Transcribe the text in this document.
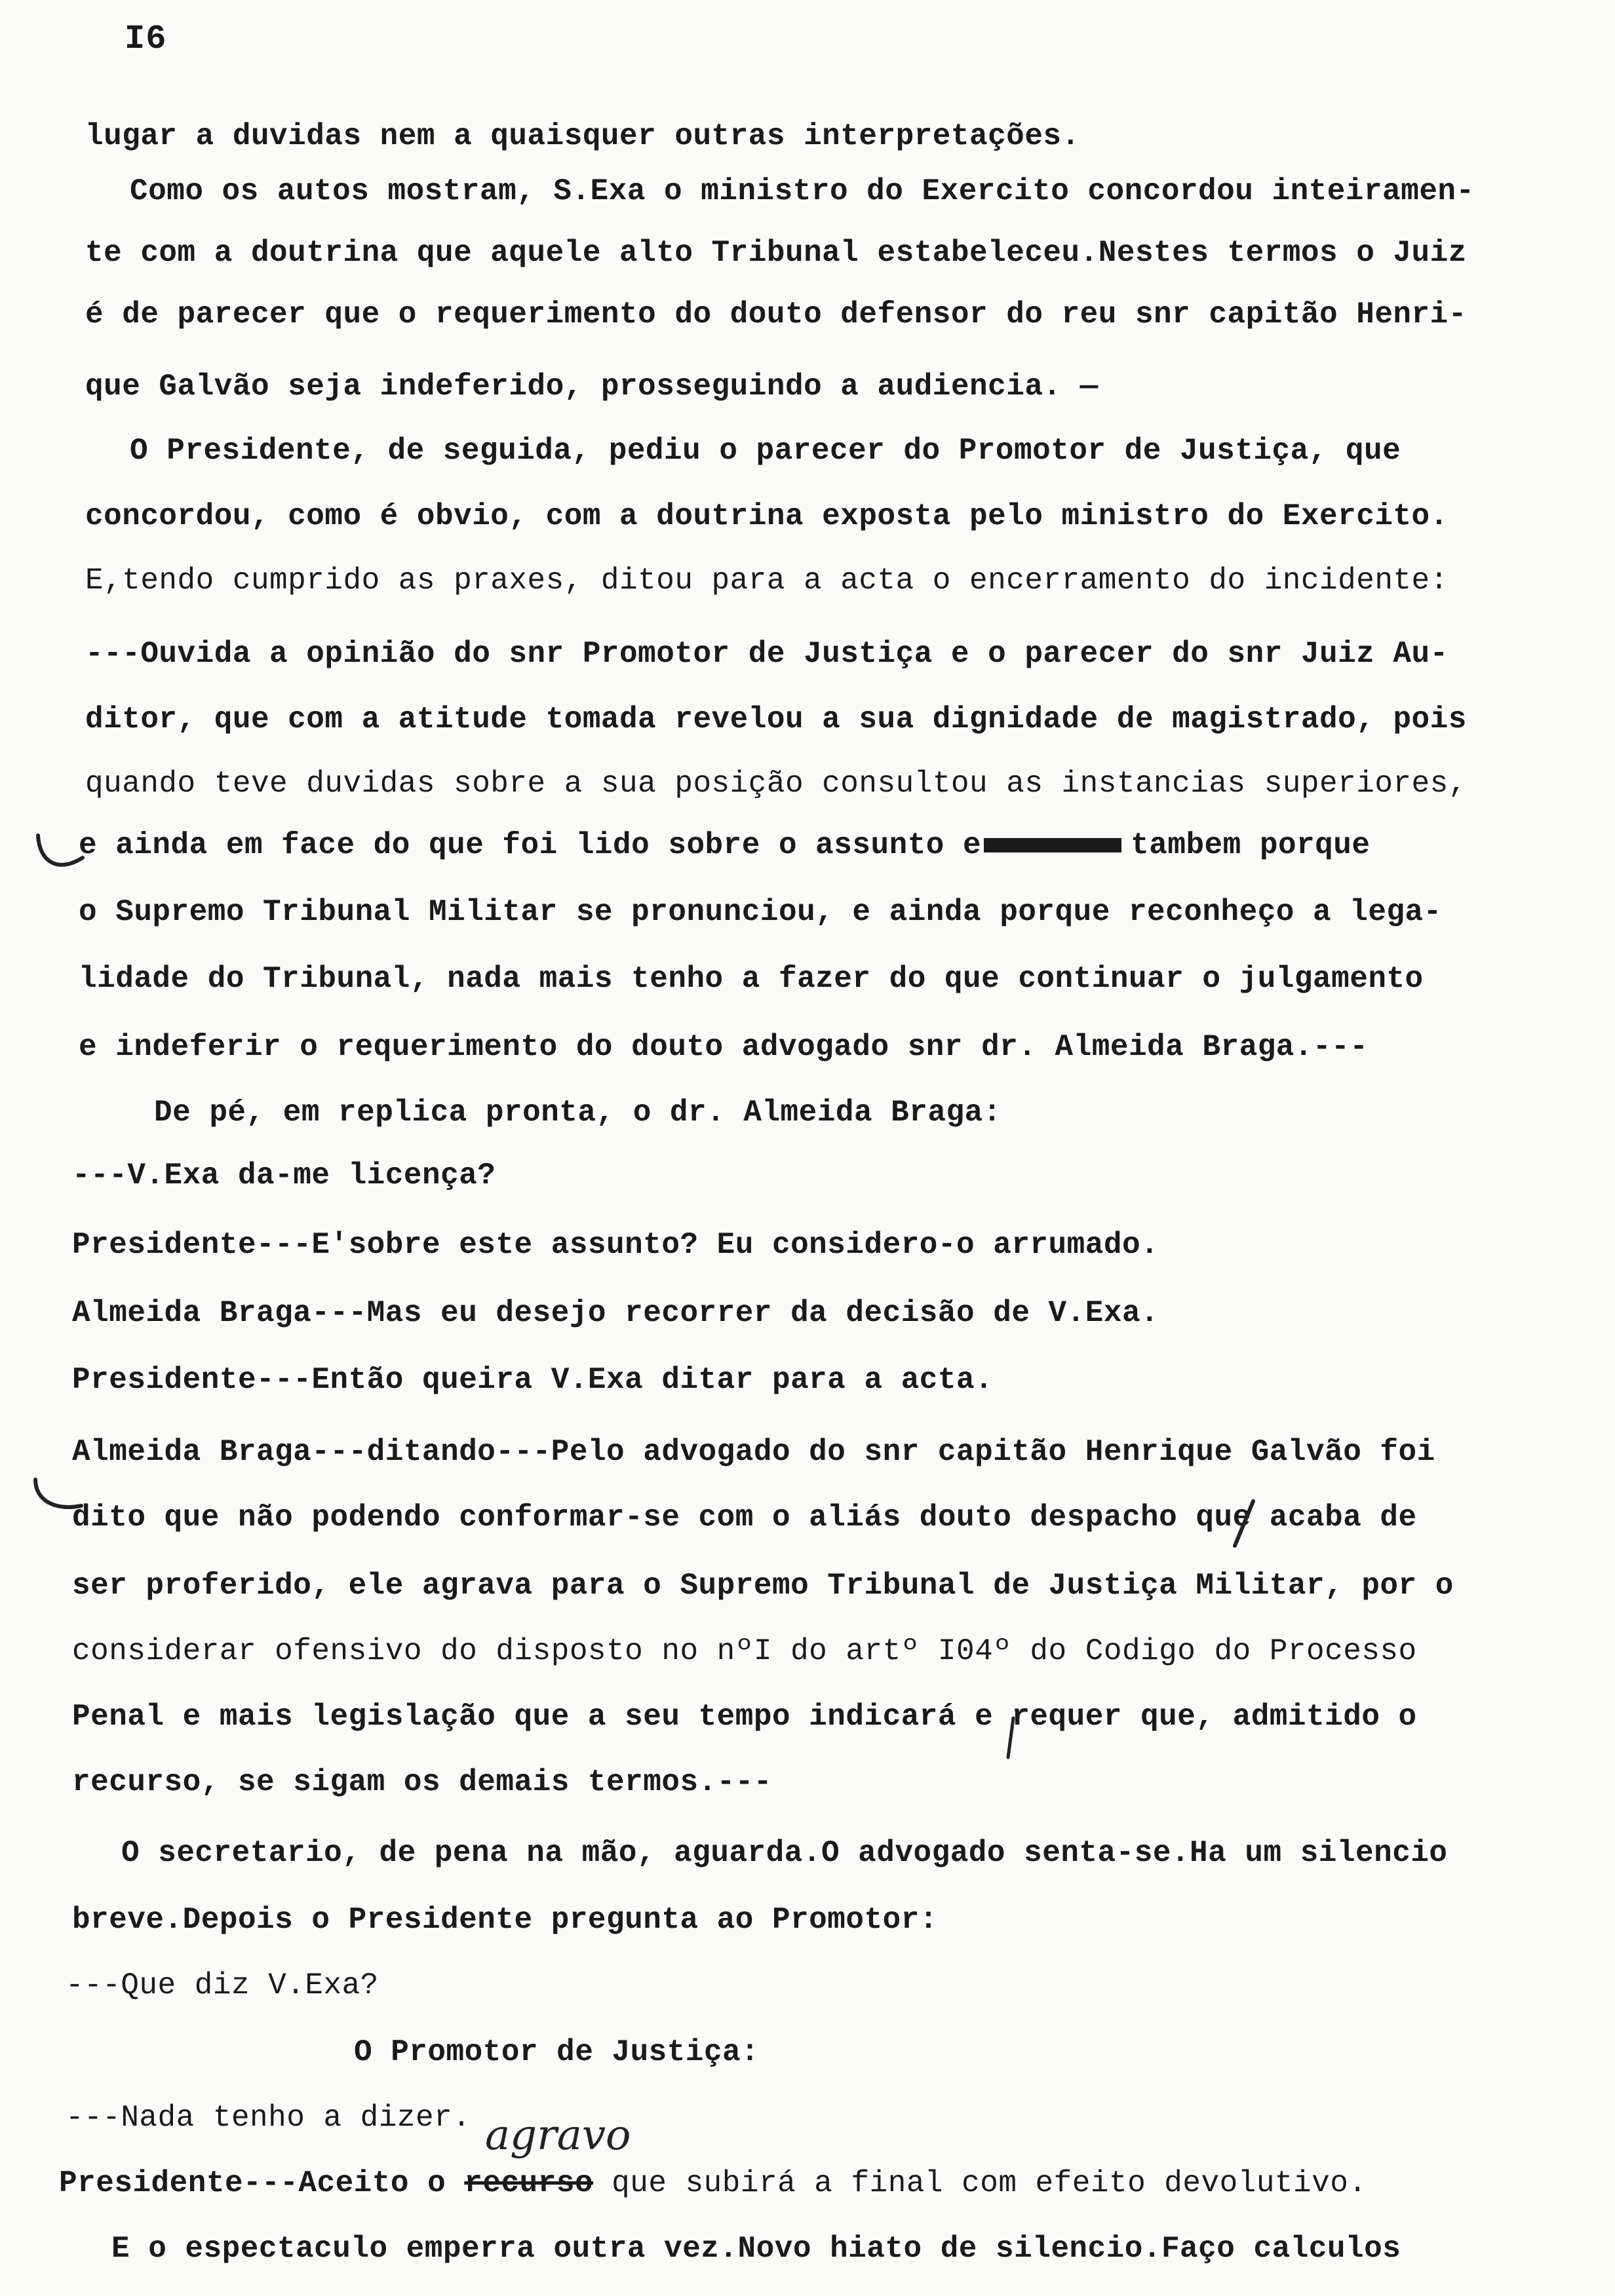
I6
lugar a duvidas nem a quaisquer outras interpretações.
Como os autos mostram, S.Exa o ministro do Exercito concordou inteiramen-
te com a doutrina que aquele alto Tribunal estabeleceu.Nestes termos o Juiz
é de parecer que o requerimento do douto defensor do reu snr capitão Henri-
que Galvão seja indeferido, prosseguindo a audiencia. —
O Presidente, de seguida, pediu o parecer do Promotor de Justiça, que
concordou, como é obvio, com a doutrina exposta pelo ministro do Exercito.
E,tendo cumprido as praxes, ditou para a acta o encerramento do incidente:
---Ouvida a opinião do snr Promotor de Justiça e o parecer do snr Juiz Au-
ditor, que com a atitude tomada revelou a sua dignidade de magistrado, pois
quando teve duvidas sobre a sua posição consultou as instancias superiores,
e ainda em face do que foi lido sobre o assunto e	tambem porque
o Supremo Tribunal Militar se pronunciou, e ainda porque reconheço a lega-
lidade do Tribunal, nada mais tenho a fazer do que continuar o julgamento
e indeferir o requerimento do douto advogado snr dr. Almeida Braga.---
De pé, em replica pronta, o dr. Almeida Braga:
---V.Exa da-me licença?
Presidente---E'sobre este assunto? Eu considero-o arrumado.
Almeida Braga---Mas eu desejo recorrer da decisão de V.Exa.
Presidente---Então queira V.Exa ditar para a acta.
Almeida Braga---ditando---Pelo advogado do snr capitão Henrique Galvão foi
dito que não podendo conformar-se com o aliás douto despacho que acaba de
ser proferido, ele agrava para o Supremo Tribunal de Justiça Militar, por o
considerar ofensivo do disposto no nºI do artº I04º do Codigo do Processo
Penal e mais legislação que a seu tempo indicará e requer que, admitido o
recurso, se sigam os demais termos.---
O secretario, de pena na mão, aguarda.O advogado senta-se.Ha um silencio
breve.Depois o Presidente pregunta ao Promotor:
---Que diz V.Exa?
O Promotor de Justiça:
---Nada tenho a dizer.
Presidente---Aceito o recurso que subirá a final com efeito devolutivo.
E o espectaculo emperra outra vez.Novo hiato de silencio.Faço calculos
agravo
